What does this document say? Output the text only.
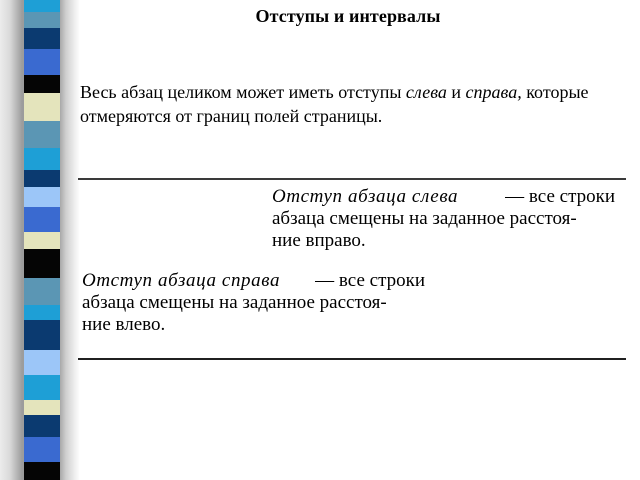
Отступы и интервалы
Весь абзац целиком может иметь отступы слева и справа, которые отмеряются от границ полей страницы.
Отступ абзаца слева — все строки
абзаца смещены на заданное расстоя-
ние вправо.
Отступ абзаца справа — все строки
абзаца смещены на заданное расстоя-
ние влево.
